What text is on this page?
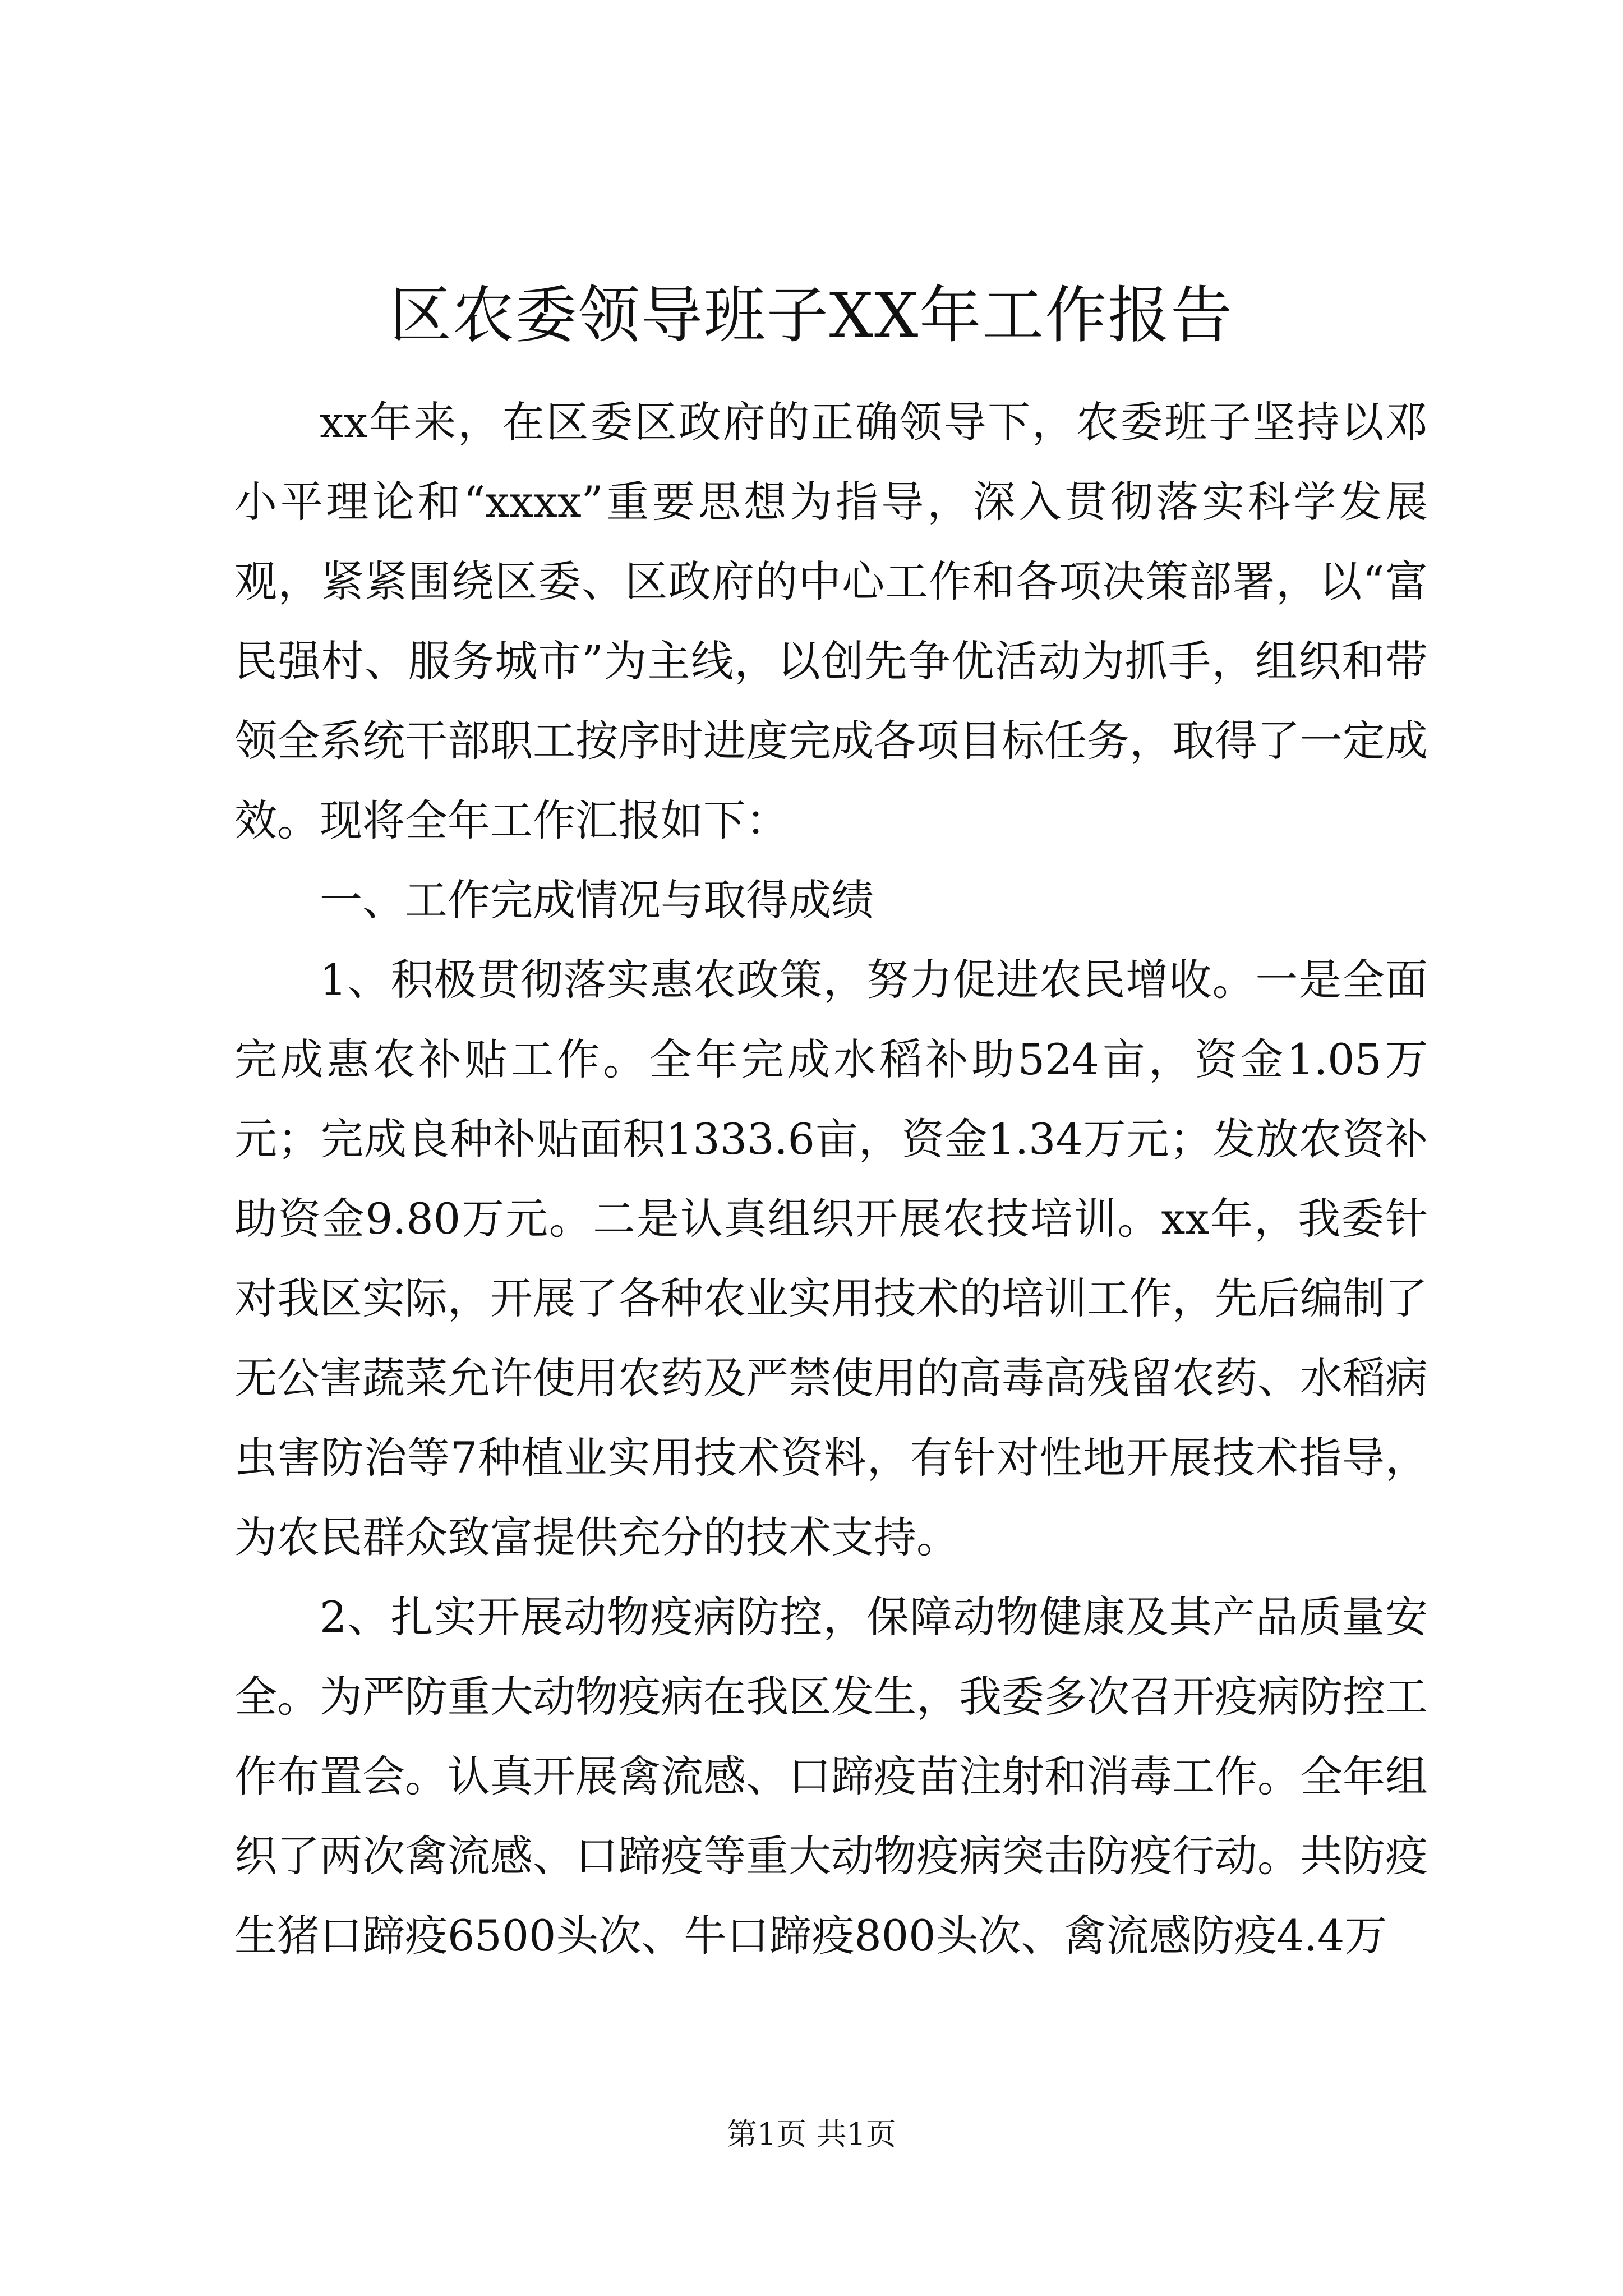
区农委领导班子XX年工作报告

xx年来，在区委区政府的正确领导下，农委班子坚持以邓小平理论和“xxxx”重要思想为指导，深入贯彻落实科学发展观，紧紧围绕区委、区政府的中心工作和各项决策部署，以“富民强村、服务城市”为主线，以创先争优活动为抓手，组织和带领全系统干部职工按序时进度完成各项目标任务，取得了一定成效。现将全年工作汇报如下：

一、工作完成情况与取得成绩

1、积极贯彻落实惠农政策，努力促进农民增收。一是全面完成惠农补贴工作。全年完成水稻补助524亩，资金1.05万元；完成良种补贴面积1333.6亩，资金1.34万元；发放农资补助资金9.80万元。二是认真组织开展农技培训。xx年，我委针对我区实际，开展了各种农业实用技术的培训工作，先后编制了无公害蔬菜允许使用农药及严禁使用的高毒高残留农药、水稻病虫害防治等7种植业实用技术资料，有针对性地开展技术指导，为农民群众致富提供充分的技术支持。

2、扎实开展动物疫病防控，保障动物健康及其产品质量安全。为严防重大动物疫病在我区发生，我委多次召开疫病防控工作布置会。认真开展禽流感、口蹄疫苗注射和消毒工作。全年组织了两次禽流感、口蹄疫等重大动物疫病突击防疫行动。共防疫生猪口蹄疫6500头次、牛口蹄疫800头次、禽流感防疫4.4万

第1页 共1页
